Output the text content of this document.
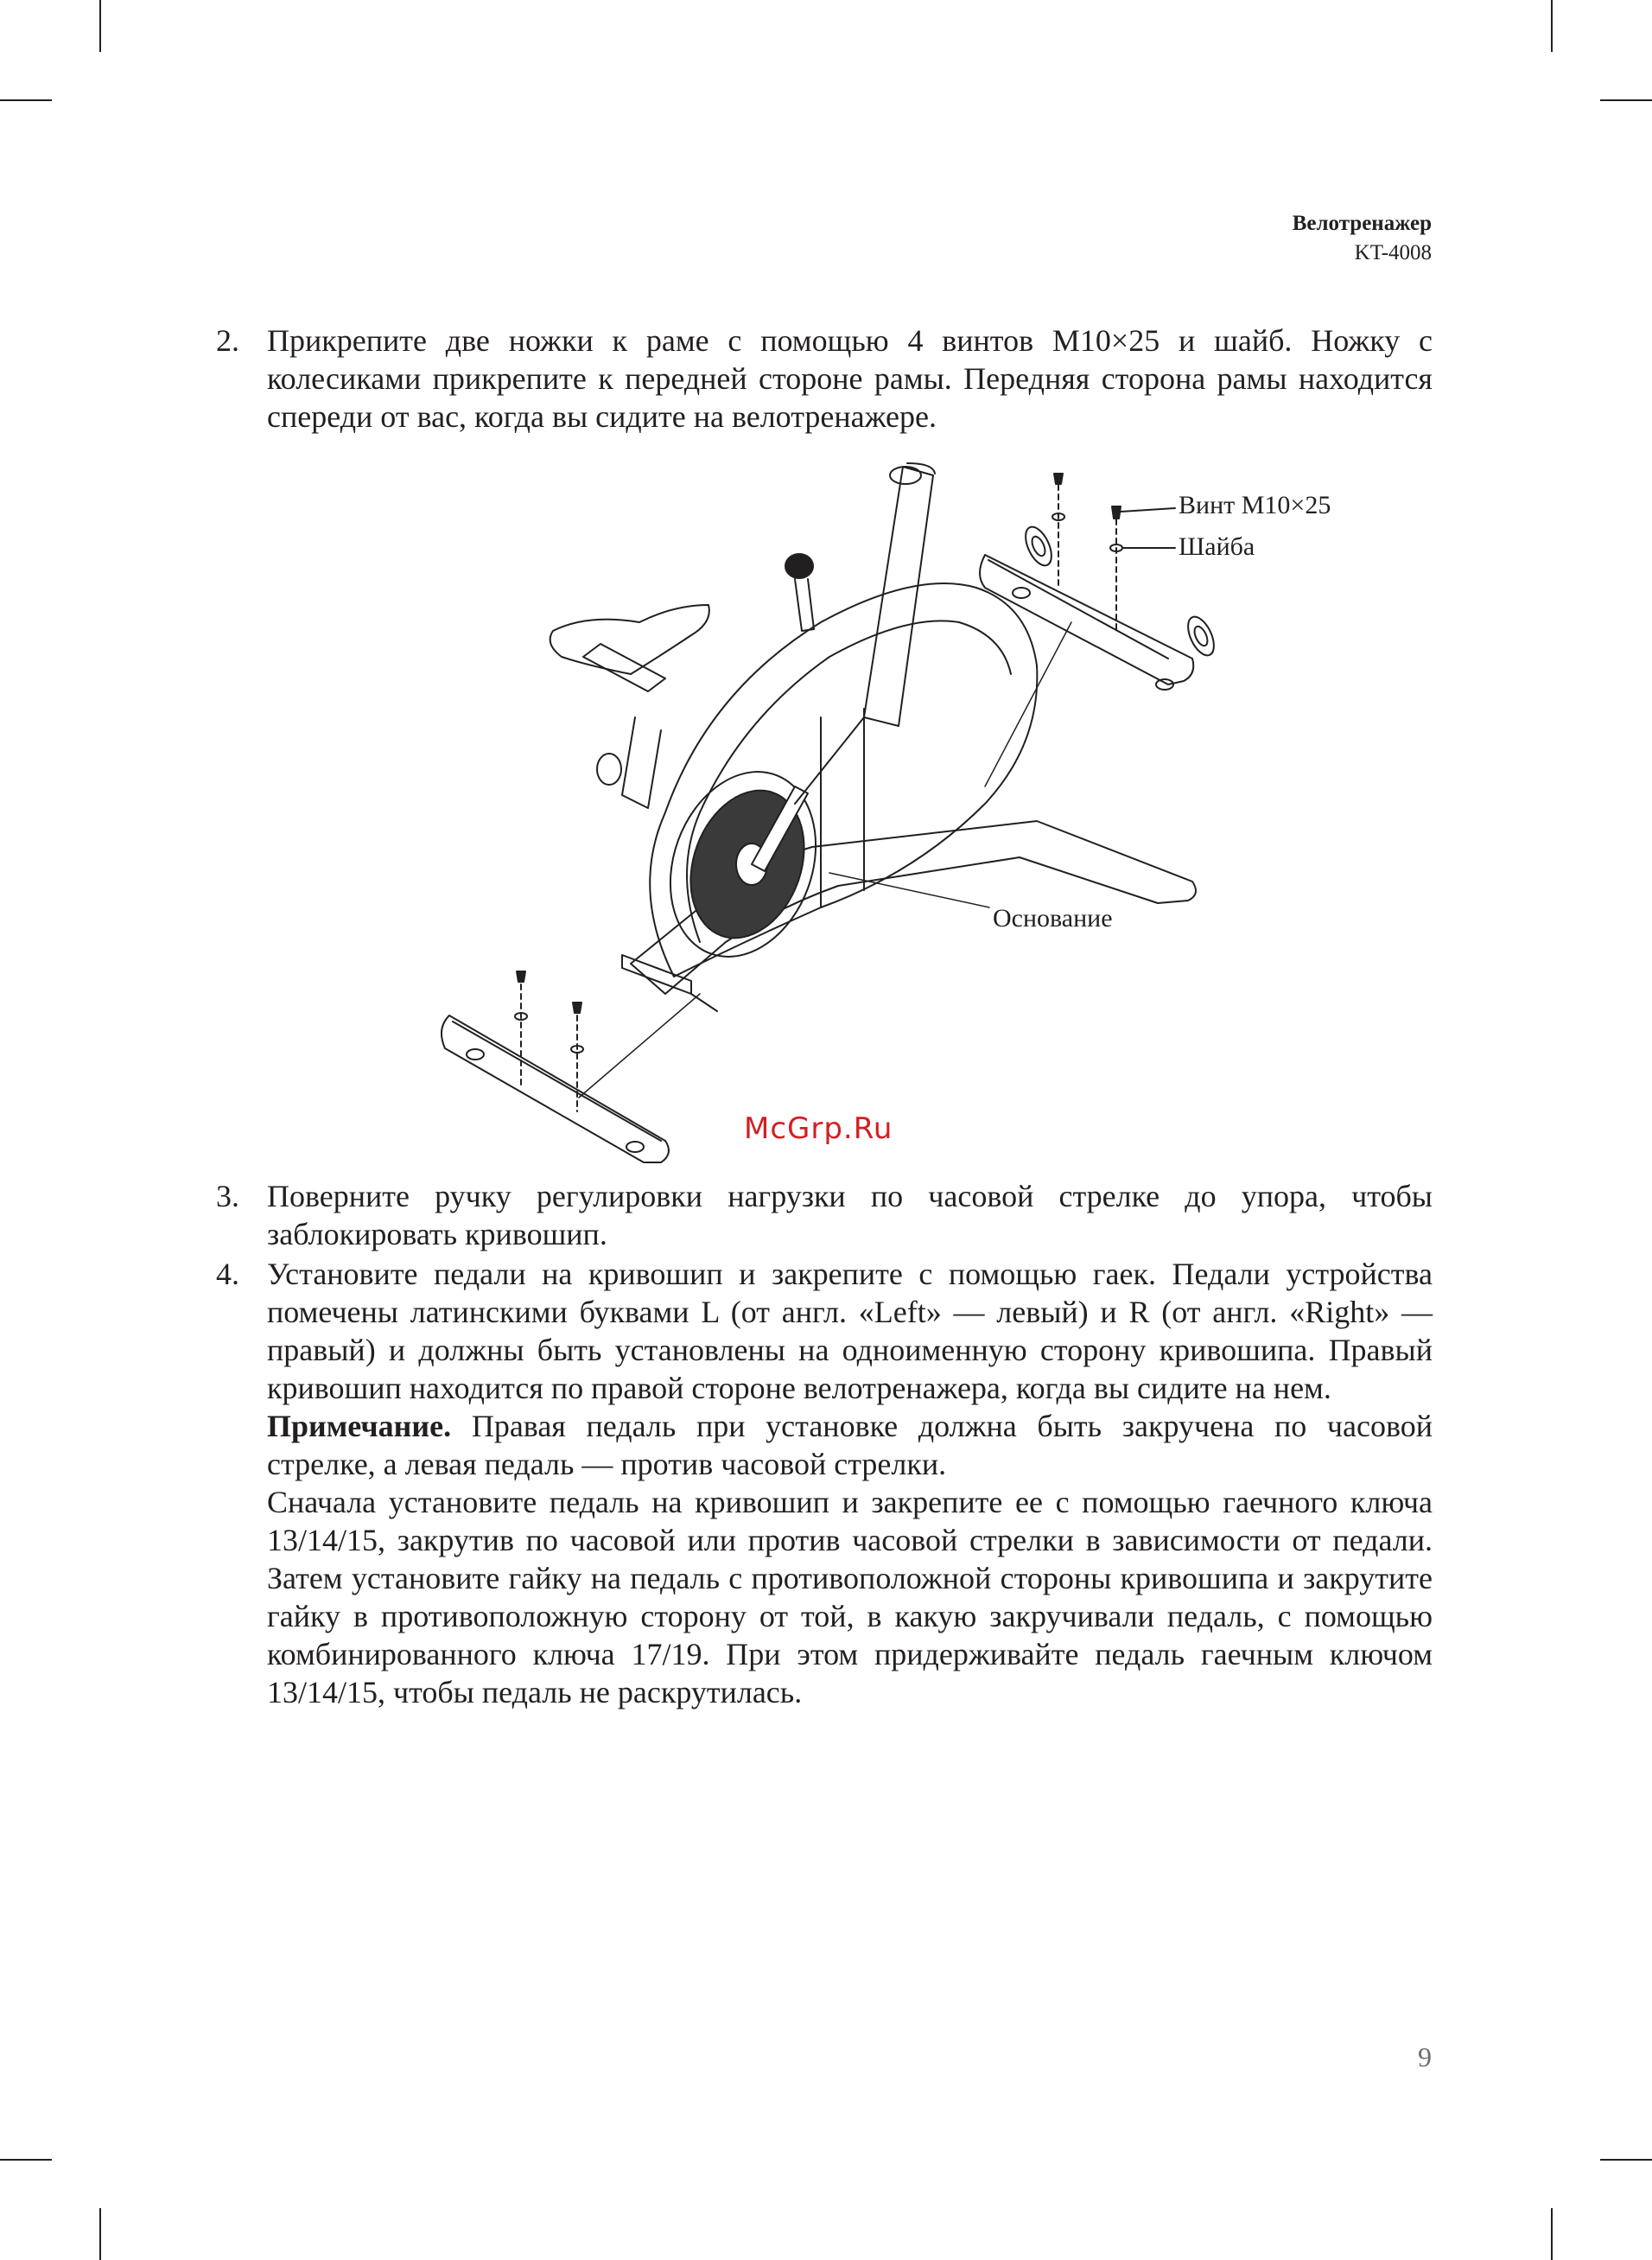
Велотренажер
KT-4008
2. Прикрепите две ножки к раме с помощью 4 винтов M10×25 и шайб. Ножку с колесиками прикрепите к передней стороне рамы. Передняя сторона рамы находится спереди от вас, когда вы сидите на велотренажере.

Винт M10×25
Шайба
Основание
McGrp.Ru
3. Поверните ручку регулировки нагрузки по часовой стрелке до упора, чтобы заблокировать кривошип.

4. Установите педали на кривошип и закрепите с помощью гаек. Педали устройства помечены латинскими буквами L (от англ. «Left» — левый) и R (от англ. «Right» — правый) и должны быть установлены на одноименную сторону кривошипа. Правый кривошип находится по правой стороне велотренажера, когда вы сидите на нем.

Примечание. Правая педаль при установке должна быть закручена по часовой стрелке, а левая педаль — против часовой стрелки.

Сначала установите педаль на кривошип и закрепите ее с помощью гаечного ключа 13/14/15, закрутив по часовой или против часовой стрелки в зависимости от педали. Затем установите гайку на педаль с противоположной стороны кривошипа и закрутите гайку в противоположную сторону от той, в какую закручивали педаль, с помощью комбинированного ключа 17/19. При этом придерживайте педаль гаечным ключом 13/14/15, чтобы педаль не раскрутилась.

9
